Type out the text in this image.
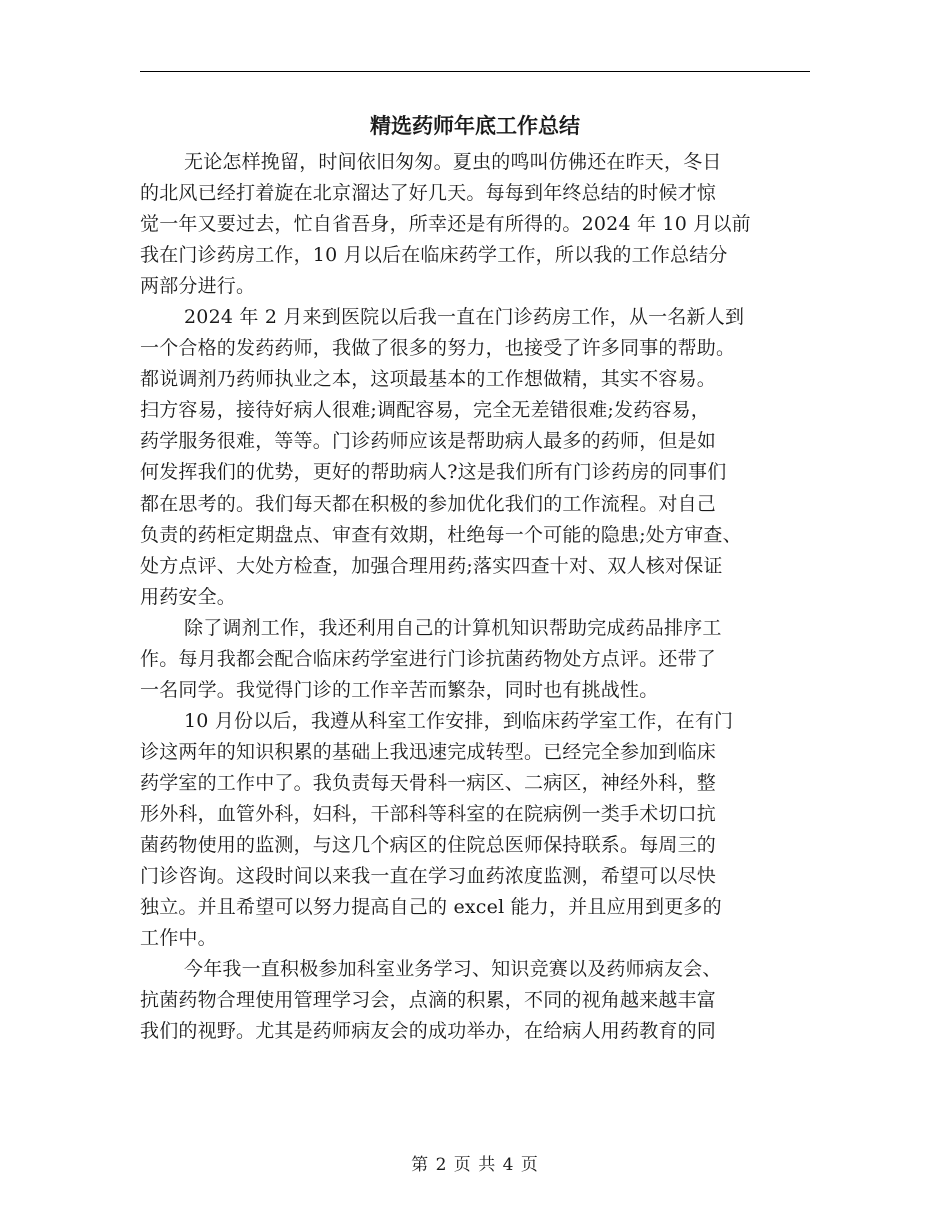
精选药师年底工作总结
无论怎样挽留，时间依旧匆匆。夏虫的鸣叫仿佛还在昨天，冬日
的北风已经打着旋在北京溜达了好几天。每每到年终总结的时候才惊
觉一年又要过去，忙自省吾身，所幸还是有所得的。2024 年 10 月以前
我在门诊药房工作，10 月以后在临床药学工作，所以我的工作总结分
两部分进行。
2024 年 2 月来到医院以后我一直在门诊药房工作，从一名新人到
一个合格的发药药师，我做了很多的努力，也接受了许多同事的帮助。
都说调剂乃药师执业之本，这项最基本的工作想做精，其实不容易。
扫方容易，接待好病人很难;调配容易，完全无差错很难;发药容易，
药学服务很难，等等。门诊药师应该是帮助病人最多的药师，但是如
何发挥我们的优势，更好的帮助病人?这是我们所有门诊药房的同事们
都在思考的。我们每天都在积极的参加优化我们的工作流程。对自己
负责的药柜定期盘点、审查有效期，杜绝每一个可能的隐患;处方审查、
处方点评、大处方检查，加强合理用药;落实四查十对、双人核对保证
用药安全。
除了调剂工作，我还利用自己的计算机知识帮助完成药品排序工
作。每月我都会配合临床药学室进行门诊抗菌药物处方点评。还带了
一名同学。我觉得门诊的工作辛苦而繁杂，同时也有挑战性。
10 月份以后，我遵从科室工作安排，到临床药学室工作，在有门
诊这两年的知识积累的基础上我迅速完成转型。已经完全参加到临床
药学室的工作中了。我负责每天骨科一病区、二病区，神经外科，整
形外科，血管外科，妇科，干部科等科室的在院病例一类手术切口抗
菌药物使用的监测，与这几个病区的住院总医师保持联系。每周三的
门诊咨询。这段时间以来我一直在学习血药浓度监测，希望可以尽快
独立。并且希望可以努力提高自己的 excel 能力，并且应用到更多的
工作中。
今年我一直积极参加科室业务学习、知识竞赛以及药师病友会、
抗菌药物合理使用管理学习会，点滴的积累，不同的视角越来越丰富
我们的视野。尤其是药师病友会的成功举办，在给病人用药教育的同
第 2 页 共 4 页
